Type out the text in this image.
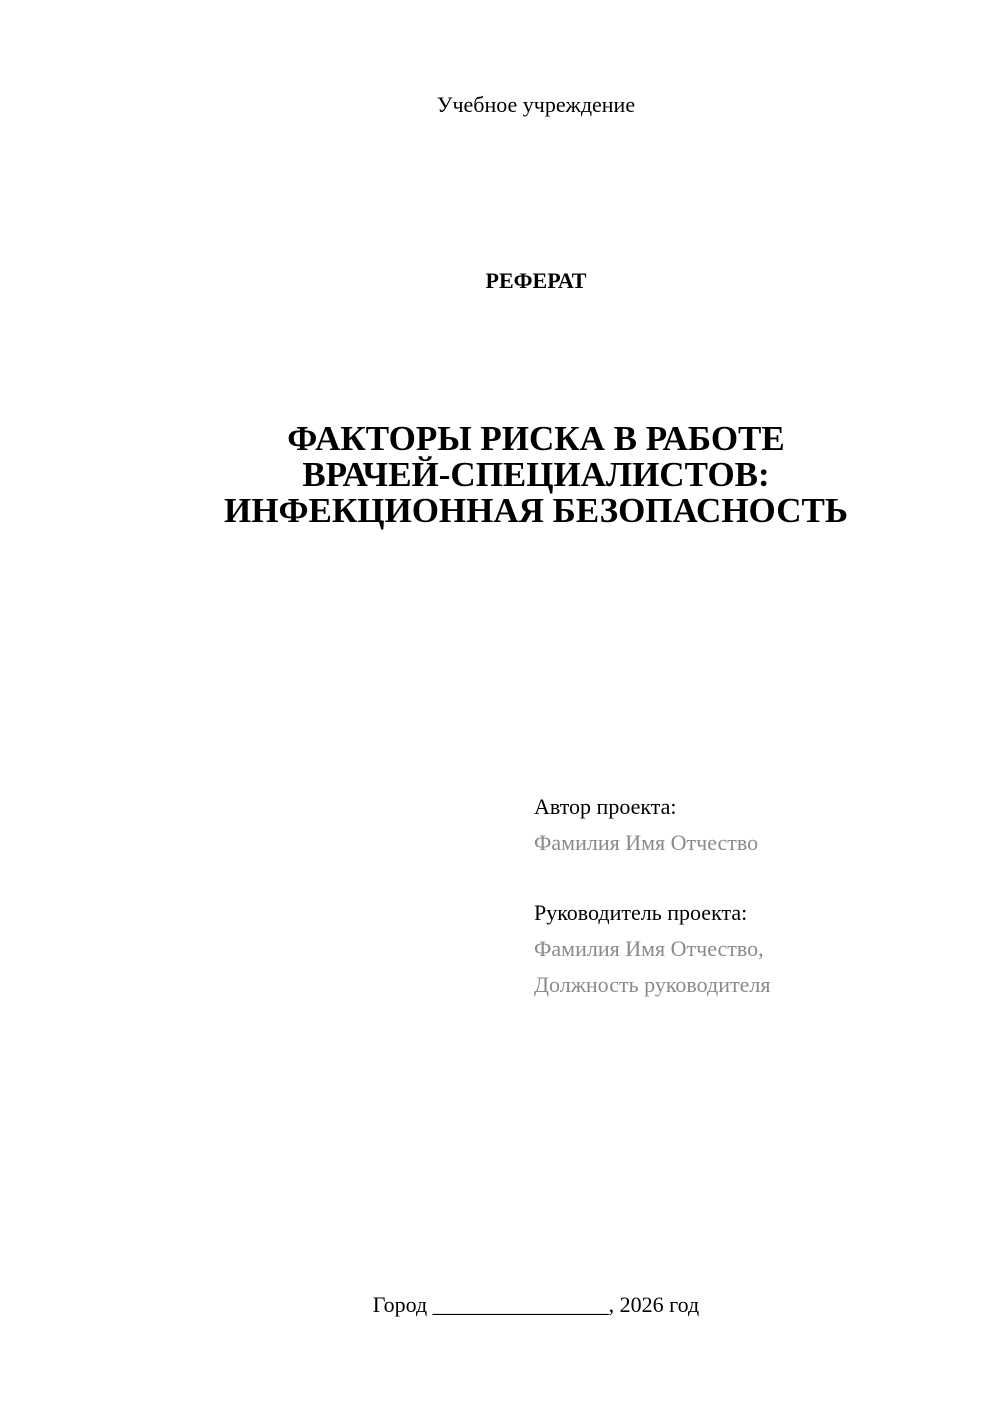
Учебное учреждение
РЕФЕРАТ
ФАКТОРЫ РИСКА В РАБОТЕ
ВРАЧЕЙ-СПЕЦИАЛИСТОВ:
ИНФЕКЦИОННАЯ БЕЗОПАСНОСТЬ
Автор проекта:
Фамилия Имя Отчество
Руководитель проекта:
Фамилия Имя Отчество,
Должность руководителя
Город ________________, 2026 год
